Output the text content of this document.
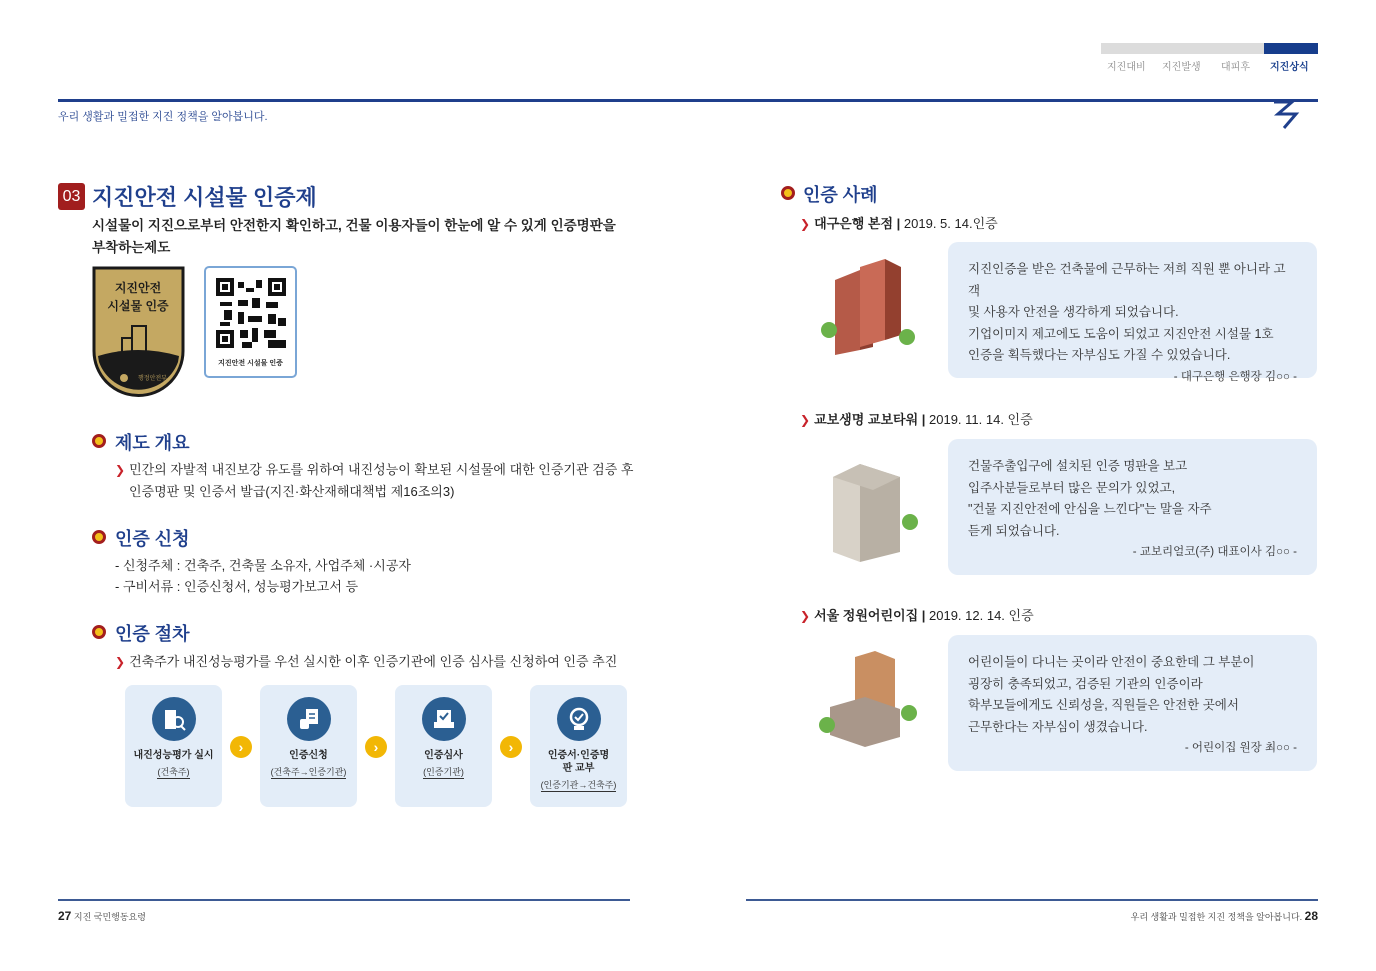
지진대비 지진발생 대피후 지진상식
우리 생활과 밀접한 지진 정책을 알아봅니다.
03 지진안전 시설물 인증제
시설물이 지진으로부터 안전한지 확인하고, 건물 이용자들이 한눈에 알 수 있게 인증명판을 부착하는제도
행정안전부
지진안전
시설물 인증
지진안전 시설물 인증
제도 개요
❯ 민간의 자발적 내진보강 유도를 위하여 내진성능이 확보된 시설물에 대한 인증기관 검증 후
인증명판 및 인증서 발급(지진·화산재해대책법 제16조의3)
인증 신청
- 신청주체 : 건축주, 건축물 소유자, 사업주체 ·시공자
- 구비서류 : 인증신청서, 성능평가보고서 등
인증 절차
❯ 건축주가 내진성능평가를 우선 실시한 이후 인증기관에 인증 심사를 신청하여 인증 추진
내진성능평가 실시
(건축주)
›
인증신청
(건축주→인증기관)
›
인증심사
(인증기관)
›
인증서·인증명판 교부
(인증기관→건축주)
27 지진 국민행동요령	우리 생활과 밀접한 지진 정책을 알아봅니다. 28
인증 사례
❯ 대구은행 본점 | 2019. 5. 14.인증
❯ 교보생명 교보타워 | 2019. 11. 14. 인증
❯ 서울 정원어린이집 | 2019. 12. 14. 인증
지진인증을 받은 건축물에 근무하는 저희 직원 뿐 아니라 고객
및 사용자 안전을 생각하게 되었습니다.
기업이미지 제고에도 도움이 되었고 지진안전 시설물 1호
인증을 획득했다는 자부심도 가질 수 있었습니다.
- 대구은행 은행장 김○○ -
건물주출입구에 설치된 인증 명판을 보고
입주사분들로부터 많은 문의가 있었고,
"건물 지진안전에 안심을 느낀다"는 말을 자주
듣게 되었습니다.
- 교보리얼코(주) 대표이사 김○○ -
어린이들이 다니는 곳이라 안전이 중요한데 그 부분이
굉장히 충족되었고, 검증된 기관의 인증이라
학부모들에게도 신뢰성을, 직원들은 안전한 곳에서
근무한다는 자부심이 생겼습니다.
- 어린이집 원장 최○○ -
